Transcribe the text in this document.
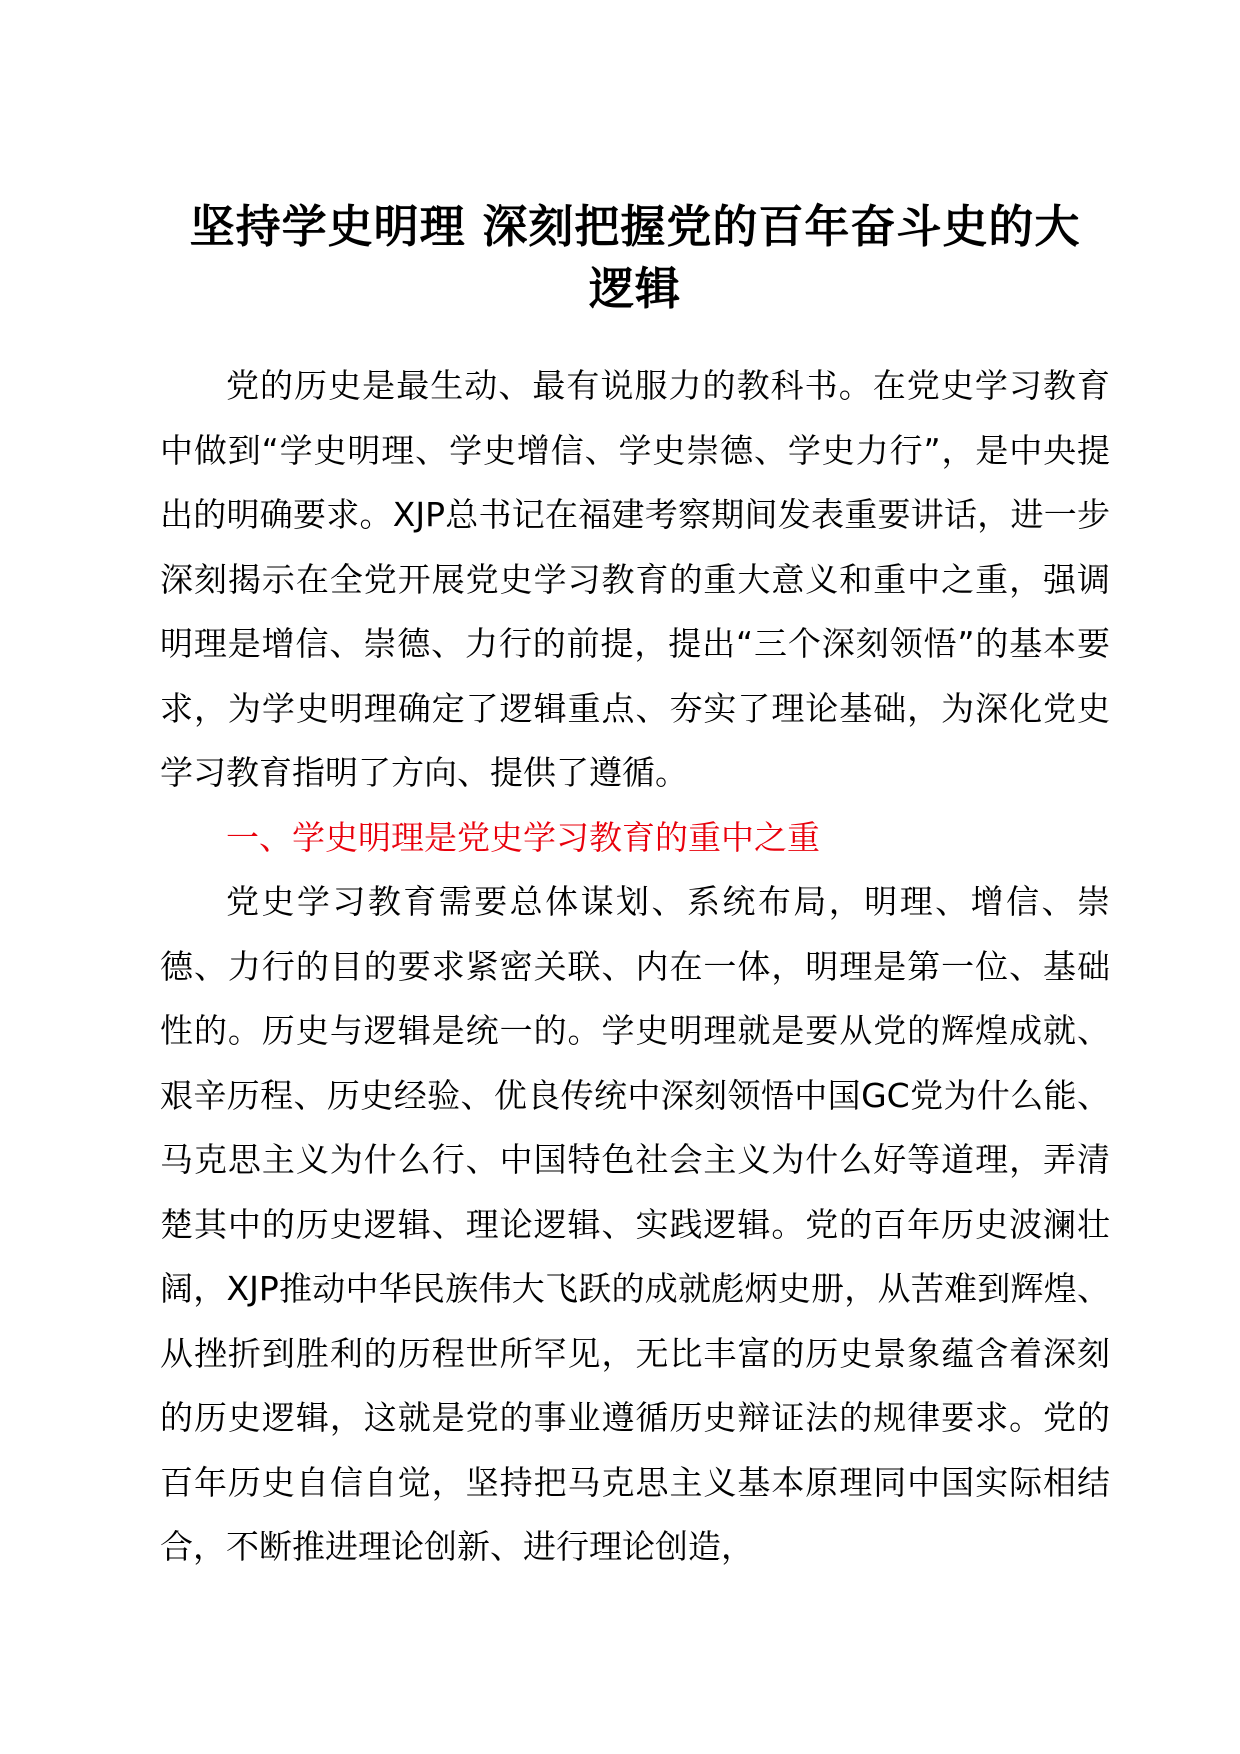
坚持学史明理 深刻把握党的百年奋斗史的大
逻辑

党的历史是最生动、最有说服力的教科书。在党史学习教育中做到“学史明理、学史增信、学史崇德、学史力行”，是中央提出的明确要求。XJP总书记在福建考察期间发表重要讲话，进一步深刻揭示在全党开展党史学习教育的重大意义和重中之重，强调明理是增信、崇德、力行的前提，提出“三个深刻领悟”的基本要求，为学史明理确定了逻辑重点、夯实了理论基础，为深化党史学习教育指明了方向、提供了遵循。

一、学史明理是党史学习教育的重中之重

党史学习教育需要总体谋划、系统布局，明理、增信、崇德、力行的目的要求紧密关联、内在一体，明理是第一位、基础性的。历史与逻辑是统一的。学史明理就是要从党的辉煌成就、艰辛历程、历史经验、优良传统中深刻领悟中国GC党为什么能、马克思主义为什么行、中国特色社会主义为什么好等道理，弄清楚其中的历史逻辑、理论逻辑、实践逻辑。党的百年历史波澜壮阔，XJP推动中华民族伟大飞跃的成就彪炳史册，从苦难到辉煌、从挫折到胜利的历程世所罕见，无比丰富的历史景象蕴含着深刻的历史逻辑，这就是党的事业遵循历史辩证法的规律要求。党的百年历史自信自觉，坚持把马克思主义基本原理同中国实际相结合，不断推进理论创新、进行理论创造，
